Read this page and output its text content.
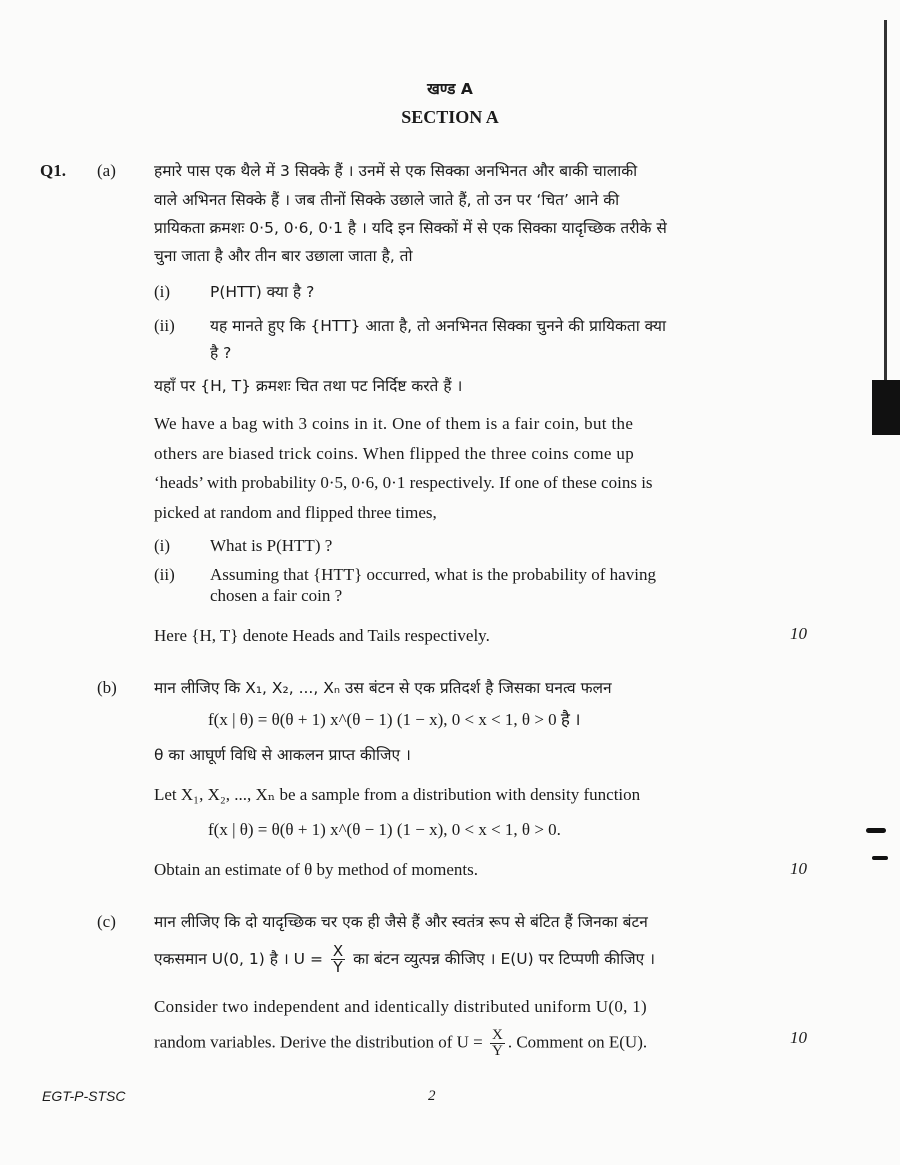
खण्ड A
SECTION A
Q1. (a) हमारे पास एक थैले में 3 सिक्के हैं । उनमें से एक सिक्का अनभिनत और बाकी चालाकी
वाले अभिनत सिक्के हैं । जब तीनों सिक्के उछाले जाते हैं, तो उन पर ‘चित’ आने की
प्रायिकता क्रमशः 0·5, 0·6, 0·1 है । यदि इन सिक्कों में से एक सिक्का यादृच्छिक तरीके से
चुना जाता है और तीन बार उछाला जाता है, तो
(i)	P(HTT) क्या है ?
(ii) यह मानते हुए कि {HTT} आता है, तो अनभिनत सिक्का चुनने की प्रायिकता क्या
है ?
यहाँ पर {H, T} क्रमशः चित तथा पट निर्दिष्ट करते हैं ।
We have a bag with 3 coins in it. One of them is a fair coin, but the
others are biased trick coins. When flipped the three coins come up
‘heads’ with probability 0·5, 0·6, 0·1 respectively. If one of these coins is
picked at random and flipped three times,
(i) What is P(HTT) ?
(ii) Assuming that {HTT} occurred, what is the probability of having
chosen a fair coin ?
Here {H, T} denote Heads and Tails respectively.	10
(b) मान लीजिए कि X₁, X₂, ..., Xₙ उस बंटन से एक प्रतिदर्श है जिसका घनत्व फलन
f(x | θ) = θ(θ + 1) x^(θ − 1) (1 − x), 0 < x < 1, θ > 0 है ।
θ का आघूर्ण विधि से आकलन प्राप्त कीजिए ।
Let X₁, X₂, ..., Xₙ be a sample from a distribution with density function
f(x | θ) = θ(θ + 1) x^(θ − 1) (1 − x), 0 < x < 1, θ > 0.
Obtain an estimate of θ by method of moments.	10
(c) मान लीजिए कि दो यादृच्छिक चर एक ही जैसे हैं और स्वतंत्र रूप से बंटित हैं जिनका बंटन
एकसमान U(0, 1) है । $U = \frac{X}{Y}$ का बंटन व्युत्पन्न कीजिए । E(U) पर टिप्पणी कीजिए ।
Consider two independent and identically distributed uniform U(0, 1)
random variables. Derive the distribution of $U = \frac{X}{Y}$ . Comment on E(U).	10
EGT-P-STSC	2
